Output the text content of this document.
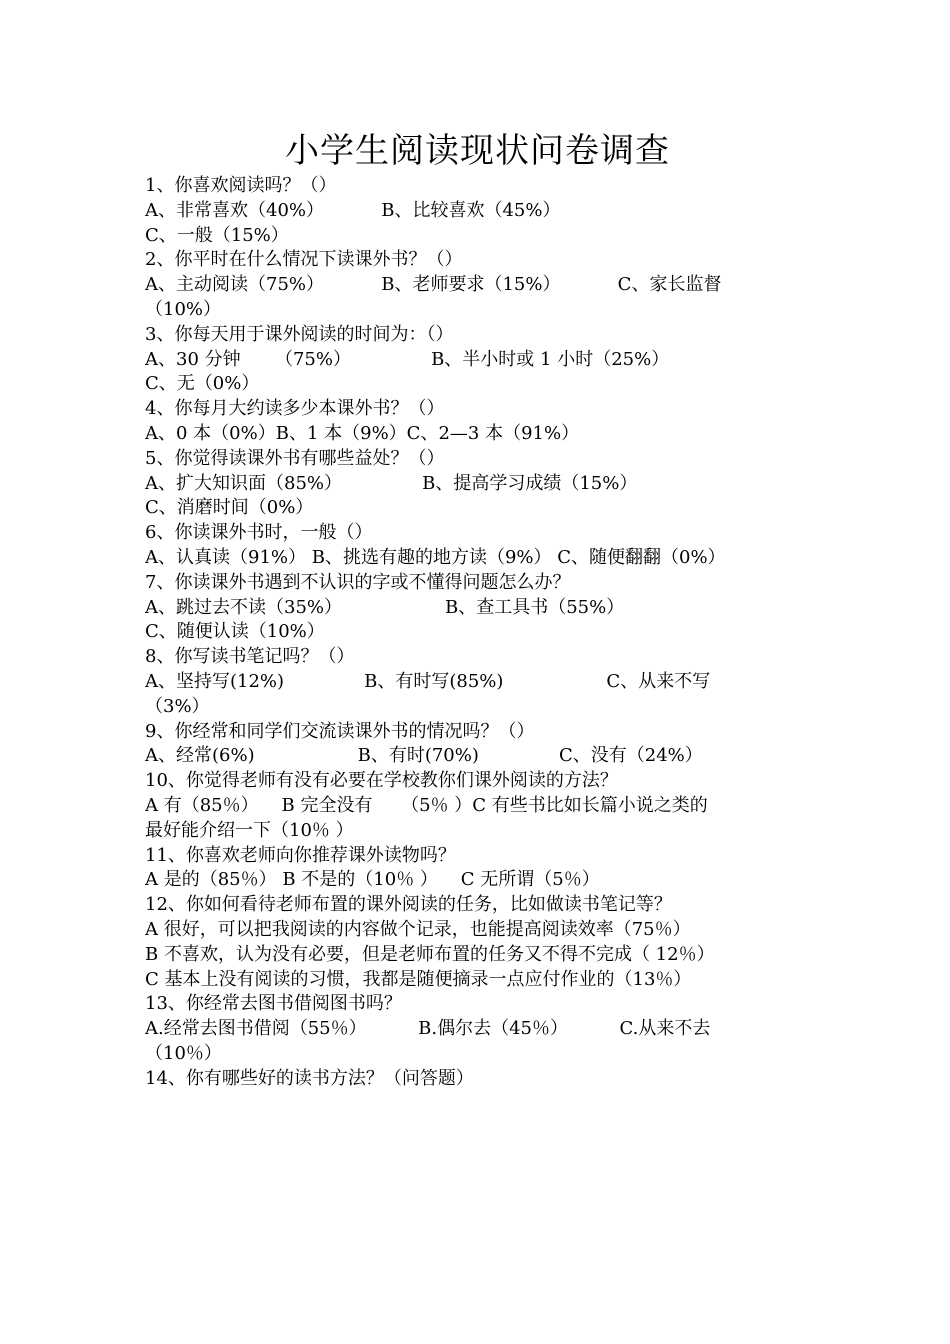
小学生阅读现状问卷调查
1、你喜欢阅读吗？（）
A、非常喜欢（40%）          B、比较喜欢（45%）
C、一般（15%）
2、你平时在什么情况下读课外书？（）
A、主动阅读（75%）          B、老师要求（15%）          C、家长监督
（10%）
3、你每天用于课外阅读的时间为：（）
A、30 分钟      （75%）              B、半小时或 1 小时（25%）
C、无（0%）
4、你每月大约读多少本课外书？（）
A、0 本（0%）B、1 本（9%）C、2—3 本（91%）
5、你觉得读课外书有哪些益处？（）
A、扩大知识面（85%）              B、提高学习成绩（15%）
C、消磨时间（0%）
6、你读课外书时，一般（）
A、认真读（91%） B、挑选有趣的地方读（9%） C、随便翻翻（0%）
7、你读课外书遇到不认识的字或不懂得问题怎么办？
A、跳过去不读（35%）                  B、查工具书（55%）
C、随便认读（10%）
8、你写读书笔记吗？（）
A、坚持写(12%)              B、有时写(85%)                  C、从来不写
（3%）
9、你经常和同学们交流读课外书的情况吗？（）
A、经常(6%)                  B、有时(70%)              C、没有（24%）
10、你觉得老师有没有必要在学校教你们课外阅读的方法？
A 有（85％）    B 完全没有     （5％ ）C 有些书比如长篇小说之类的
最好能介绍一下（10％ ）
11、你喜欢老师向你推荐课外读物吗？
A 是的（85％） B 不是的（10％ ）    C 无所谓（5％）
12、你如何看待老师布置的课外阅读的任务，比如做读书笔记等？
A 很好，可以把我阅读的内容做个记录，也能提高阅读效率（75％）
B 不喜欢，认为没有必要，但是老师布置的任务又不得不完成（ 12％）
C 基本上没有阅读的习惯，我都是随便摘录一点应付作业的（13％）
13、你经常去图书借阅图书吗？
A.经常去图书借阅（55％）         B.偶尔去（45％）         C.从来不去
（10％）
14、你有哪些好的读书方法？（问答题）
